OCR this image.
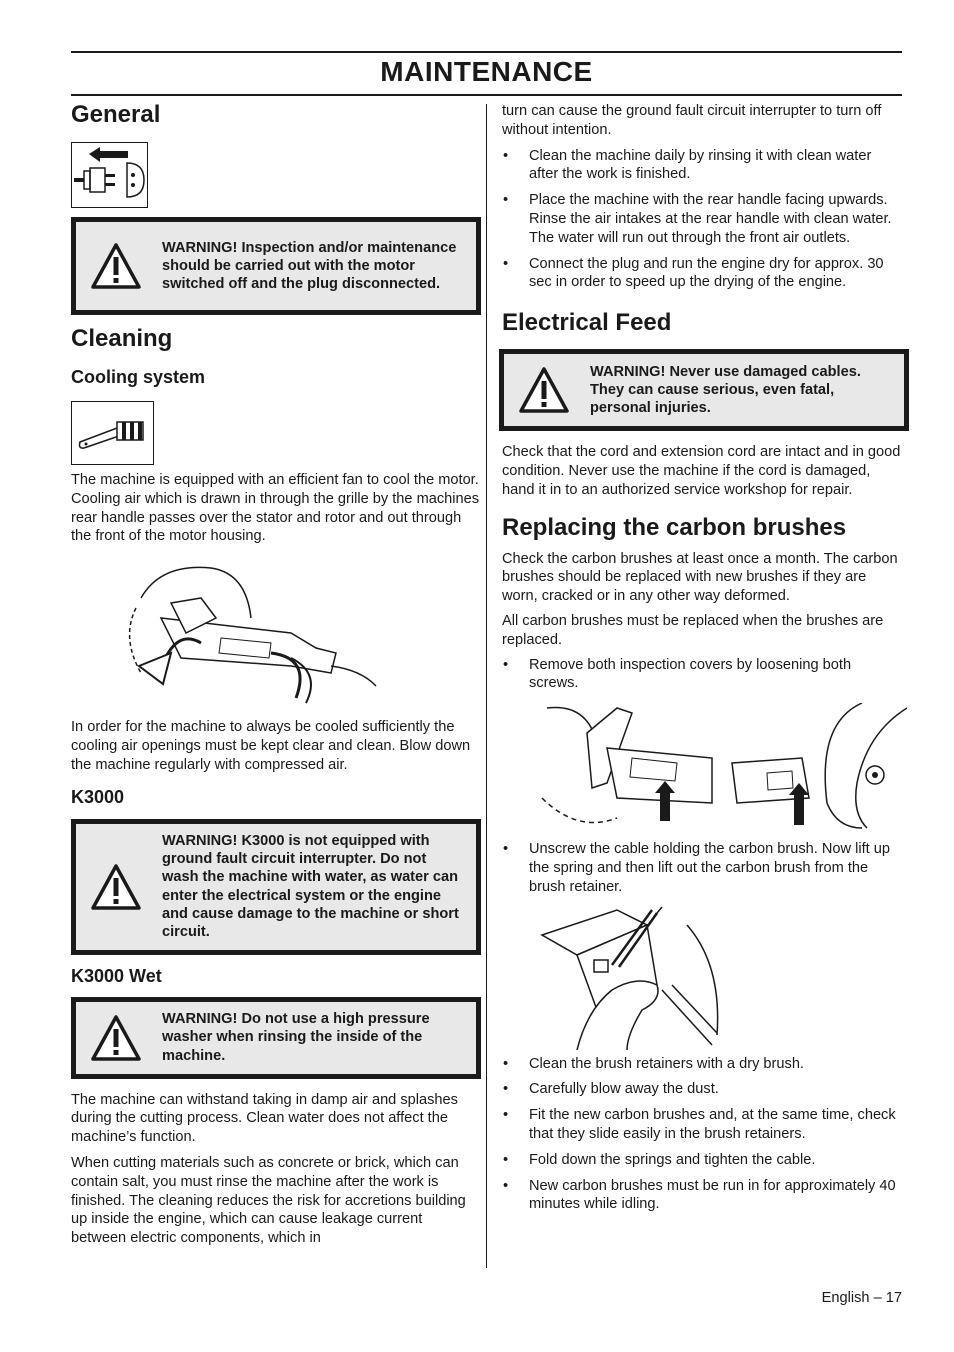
MAINTENANCE
General
WARNING! Inspection and/or maintenance should be carried out with the motor switched off and the plug disconnected.
Cleaning
Cooling system

The machine is equipped with an efficient fan to cool the motor. Cooling air which is drawn in through the grille by the machines rear handle passes over the stator and rotor and out through the front of the motor housing.

In order for the machine to always be cooled sufficiently the cooling air openings must be kept clear and clean. Blow down the machine regularly with compressed air.

K3000
WARNING! K3000 is not equipped with ground fault circuit interrupter. Do not wash the machine with water, as water can enter the electrical system or the engine and cause damage to the machine or short circuit.
K3000 Wet
WARNING! Do not use a high pressure washer when rinsing the inside of the machine.

The machine can withstand taking in damp air and splashes during the cutting process. Clean water does not affect the machine’s function.

When cutting materials such as concrete or brick, which can contain salt, you must rinse the machine after the work is finished. The cleaning reduces the risk for accretions building up inside the engine, which can cause leakage current between electric components, which in

turn can cause the ground fault circuit interrupter to turn off without intention.

• Clean the machine daily by rinsing it with clean water after the work is finished.
• Place the machine with the rear handle facing upwards. Rinse the air intakes at the rear handle with clean water. The water will run out through the front air outlets.
• Connect the plug and run the engine dry for approx. 30 sec in order to speed up the drying of the engine.
Electrical Feed
WARNING! Never use damaged cables. They can cause serious, even fatal, personal injuries.

Check that the cord and extension cord are intact and in good condition. Never use the machine if the cord is damaged, hand it in to an authorized service workshop for repair.

Replacing the carbon brushes

Check the carbon brushes at least once a month. The carbon brushes should be replaced with new brushes if they are worn, cracked or in any other way deformed.

All carbon brushes must be replaced when the brushes are replaced.

• Remove both inspection covers by loosening both screws.
• Unscrew the cable holding the carbon brush. Now lift up the spring and then lift out the carbon brush from the brush retainer.
• Clean the brush retainers with a dry brush.
• Carefully blow away the dust.
• Fit the new carbon brushes and, at the same time, check that they slide easily in the brush retainers.
• Fold down the springs and tighten the cable.
• New carbon brushes must be run in for approximately 40 minutes while idling.
English – 17
